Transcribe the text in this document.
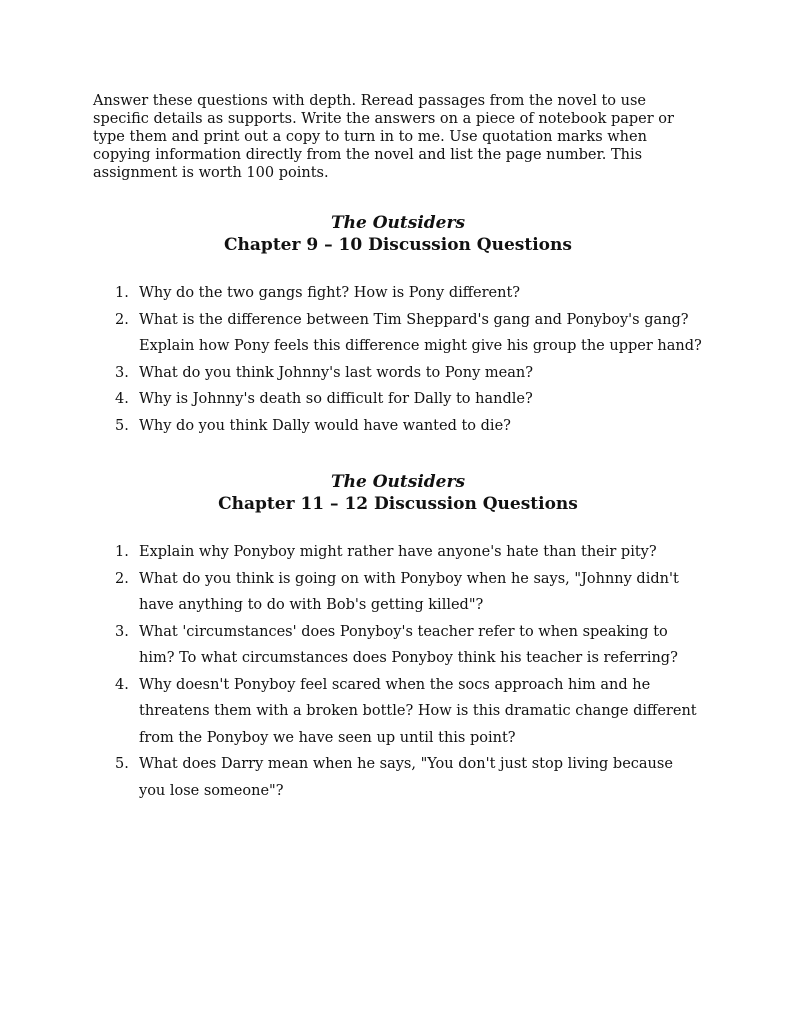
Answer these questions with depth. Reread passages from the novel to use specific details as supports. Write the answers on a piece of notebook paper or type them and print out a copy to turn in to me. Use quotation marks when copying information directly from the novel and list the page number. This assignment is worth 100 points.

The Outsiders
Chapter 9 – 10 Discussion Questions
1. Why do the two gangs fight? How is Pony different?
2. What is the difference between Tim Sheppard's gang and Ponyboy's gang? Explain how Pony feels this difference might give his group the upper hand?
3. What do you think Johnny's last words to Pony mean?
4. Why is Johnny's death so difficult for Dally to handle?
5. Why do you think Dally would have wanted to die?
The Outsiders
Chapter 11 – 12 Discussion Questions
1. Explain why Ponyboy might rather have anyone's hate than their pity?
2. What do you think is going on with Ponyboy when he says, "Johnny didn't have anything to do with Bob's getting killed"?
3. What 'circumstances' does Ponyboy's teacher refer to when speaking to him? To what circumstances does Ponyboy think his teacher is referring?
4. Why doesn't Ponyboy feel scared when the socs approach him and he threatens them with a broken bottle? How is this dramatic change different from the Ponyboy we have seen up until this point?
5. What does Darry mean when he says, "You don't just stop living because you lose someone"?
